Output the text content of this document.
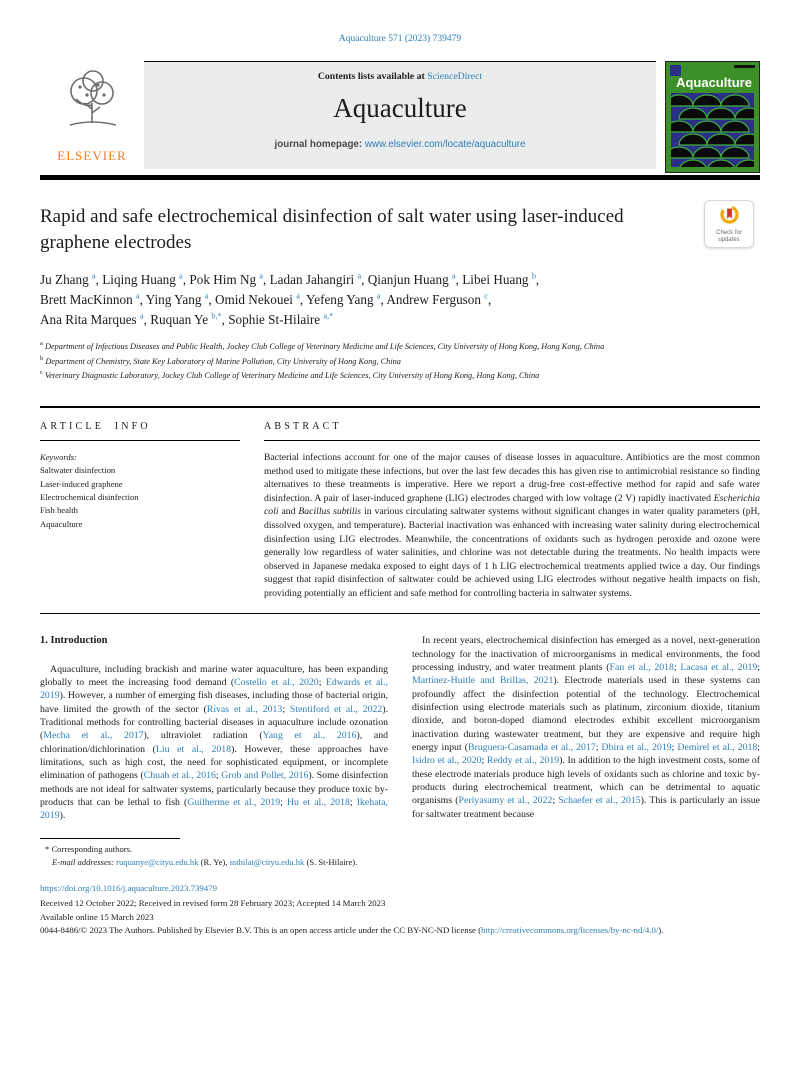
Aquaculture 571 (2023) 739479
ELSEVIER
Contents lists available at ScienceDirect
Aquaculture
journal homepage: www.elsevier.com/locate/aquaculture
Aquaculture
Rapid and safe electrochemical disinfection of salt water using laser-induced graphene electrodes	Check for updates
Ju Zhang $^a$, Liqing Huang $^a$, Pok Him Ng $^a$, Ladan Jahangiri $^a$, Qianjun Huang $^a$, Libei Huang $^b$,
Brett MacKinnon $^a$, Ying Yang $^a$, Omid Nekouei $^a$, Yefeng Yang $^a$, Andrew Ferguson $^c$,
Ana Rita Marques $^a$, Ruquan Ye $^{b,*}$, Sophie St-Hilaire $^{a,*}$
$^a$ Department of Infectious Diseases and Public Health, Jockey Club College of Veterinary Medicine and Life Sciences, City University of Hong Kong, Hong Kong, China
$^b$ Department of Chemistry, State Key Laboratory of Marine Pollution, City University of Hong Kong, China
$^c$ Veterinary Diagnostic Laboratory, Jockey Club College of Veterinary Medicine and Life Sciences, City University of Hong Kong, Hong Kong, China
ARTICLE INFO
Keywords:
Saltwater disinfection
Laser-induced graphene
Electrochemical disinfection
Fish health
Aquaculture
ABSTRACT
Bacterial infections account for one of the major causes of disease losses in aquaculture. Antibiotics are the most common method used to mitigate these infections, but over the last few decades this has given rise to antimicrobial resistance so finding alternatives to these treatments is imperative. Here we report a drug-free cost-effective method for rapid and safe water disinfection. A pair of laser-induced graphene (LIG) electrodes charged with low voltage (2 V) rapidly inactivated Escherichia coli and Bacillus subtilis in various circulating saltwater systems without significant changes in water quality parameters (pH, dissolved oxygen, and temperature). Bacterial inactivation was enhanced with increasing water salinity during electrochemical disinfection using LIG electrodes. Meanwhile, the concentrations of oxidants such as hydrogen peroxide and ozone were generally low regardless of water salinities, and chlorine was not detectable during the treatments. No health impacts were observed in Japanese medaka exposed to eight days of 1 h LIG electrochemical treatments applied twice a day. Our findings suggest that rapid disinfection of saltwater could be achieved using LIG electrodes without negative health impacts on fish, providing potentially an efficient and safe method for controlling bacteria in saltwater systems.
1. Introduction
Aquaculture, including brackish and marine water aquaculture, has been expanding globally to meet the increasing food demand (Costello et al., 2020; Edwards et al., 2019). However, a number of emerging fish diseases, including those of bacterial origin, have limited the growth of the sector (Rivas et al., 2013; Stentiford et al., 2022). Traditional methods for controlling bacterial diseases in aquaculture include ozonation (Mecha et al., 2017), ultraviolet radiation (Yang et al., 2016), and chlorination/dichlorination (Liu et al., 2018). However, these approaches have limitations, such as high cost, the need for sophisticated equipment, or incomplete elimination of pathogens (Chuah et al., 2016; Grob and Pollet, 2016). Some disinfection methods are not ideal for saltwater systems, particularly because they produce toxic by-products that can be lethal to fish (Guilherme et al., 2019; Hu et al., 2018; Ikehata, 2019).
In recent years, electrochemical disinfection has emerged as a novel, next-generation technology for the inactivation of microorganisms in medical environments, the food processing industry, and water treatment plants (Fan et al., 2018; Lacasa et al., 2019; Martínez-Huitle and Brillas, 2021). Electrode materials used in these systems can profoundly affect the disinfection potential of the technology. Electrochemical disinfection using electrode materials such as platinum, zirconium dioxide, titanium dioxide, and boron-doped diamond electrodes exhibit excellent microorganism inactivation during wastewater treatment, but they are expensive and require high energy input (Bruguera-Casamada et al., 2017; Dbira et al., 2019; Demirel et al., 2018; Isidro et al., 2020; Reddy et al., 2019). In addition to the high investment costs, some of these electrode materials produce high levels of oxidants such as chlorine and toxic by-products during electrochemical treatment, which can be detrimental to aquatic organisms (Periyasamy et al., 2022; Schaefer et al., 2015). This is particularly an issue for saltwater treatment because
* Corresponding authors.
E-mail addresses: ruquanye@cityu.edu.hk (R. Ye), ssthilai@cityu.edu.hk (S. St-Hilaire).
https://doi.org/10.1016/j.aquaculture.2023.739479
Received 12 October 2022; Received in revised form 28 February 2023; Accepted 14 March 2023
Available online 15 March 2023
0044-8486/© 2023 The Authors. Published by Elsevier B.V. This is an open access article under the CC BY-NC-ND license (http://creativecommons.org/licenses/by-nc-nd/4.0/).
